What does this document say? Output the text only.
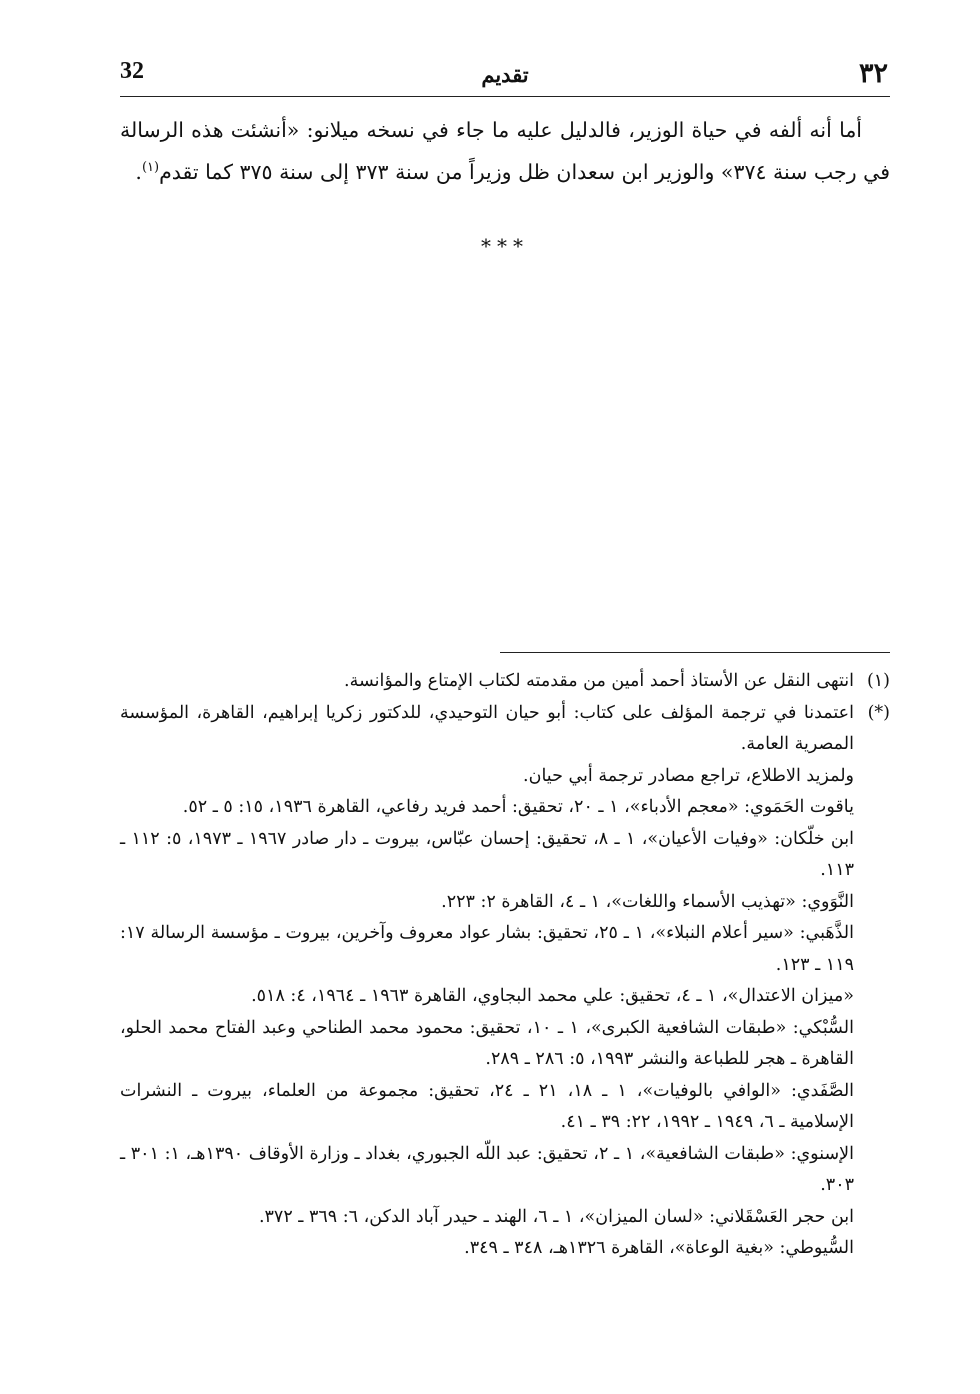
٣٢
تقديم
32

أما أنه ألفه في حياة الوزير، فالدليل عليه ما جاء في نسخه ميلانو: «أنشئت هذه الرسالة في رجب سنة ٣٧٤» والوزير ابن سعدان ظل وزيراً من سنة ٣٧٣ إلى سنة ٣٧٥ كما تقدم$^{(١)}$.

***
(١)

انتهى النقل عن الأستاذ أحمد أمين من مقدمته لكتاب الإمتاع والمؤانسة.

(*)

اعتمدنا في ترجمة المؤلف على كتاب: أبو حيان التوحيدي، للدكتور زكريا إبراهيم، القاهرة، المؤسسة المصرية العامة.

ولمزيد الاطلاع، تراجع مصادر ترجمة أبي حيان.

ياقوت الحَمَوي: «معجم الأدباء»، ١ ـ ٢٠، تحقيق: أحمد فريد رفاعي، القاهرة ١٩٣٦، ١٥: ٥ ـ ٥٢.

ابن خلّكان: «وفيات الأعيان»، ١ ـ ٨، تحقيق: إحسان عبّاس، بيروت ـ دار صادر ١٩٦٧ ـ ١٩٧٣، ٥: ١١٢ ـ ١١٣.

النَّوَوي: «تهذيب الأسماء واللغات»، ١ ـ ٤، القاهرة ٢: ٢٢٣.

الذَّهَبي: «سير أعلام النبلاء»، ١ ـ ٢٥، تحقيق: بشار عواد معروف وآخرين، بيروت ـ مؤسسة الرسالة ١٧: ١١٩ ـ ١٢٣.

«ميزان الاعتدال»، ١ ـ ٤، تحقيق: علي محمد البجاوي، القاهرة ١٩٦٣ ـ ١٩٦٤، ٤: ٥١٨.

السُّبْكي: «طبقات الشافعية الكبرى»، ١ ـ ١٠، تحقيق: محمود محمد الطناحي وعبد الفتاح محمد الحلو، القاهرة ـ هجر للطباعة والنشر ١٩٩٣، ٥: ٢٨٦ ـ ٢٨٩.

الصَّفَدي: «الوافي بالوفيات»، ١ ـ ١٨، ٢١ ـ ٢٤، تحقيق: مجموعة من العلماء، بيروت ـ النشرات الإسلامية ـ ٦، ١٩٤٩ ـ ١٩٩٢، ٢٢: ٣٩ ـ ٤١.

الإسنوي: «طبقات الشافعية»، ١ ـ ٢، تحقيق: عبد اللّه الجبوري، بغداد ـ وزارة الأوقاف ١٣٩٠هـ، ١: ٣٠١ ـ ٣٠٣.

ابن حجر العَسْقَلاني: «لسان الميزان»، ١ ـ ٦، الهند ـ حيدر آباد الدكن، ٦: ٣٦٩ ـ ٣٧٢.

السُّيوطي: «بغية الوعاة»، القاهرة ١٣٢٦هـ، ٣٤٨ ـ ٣٤٩.
